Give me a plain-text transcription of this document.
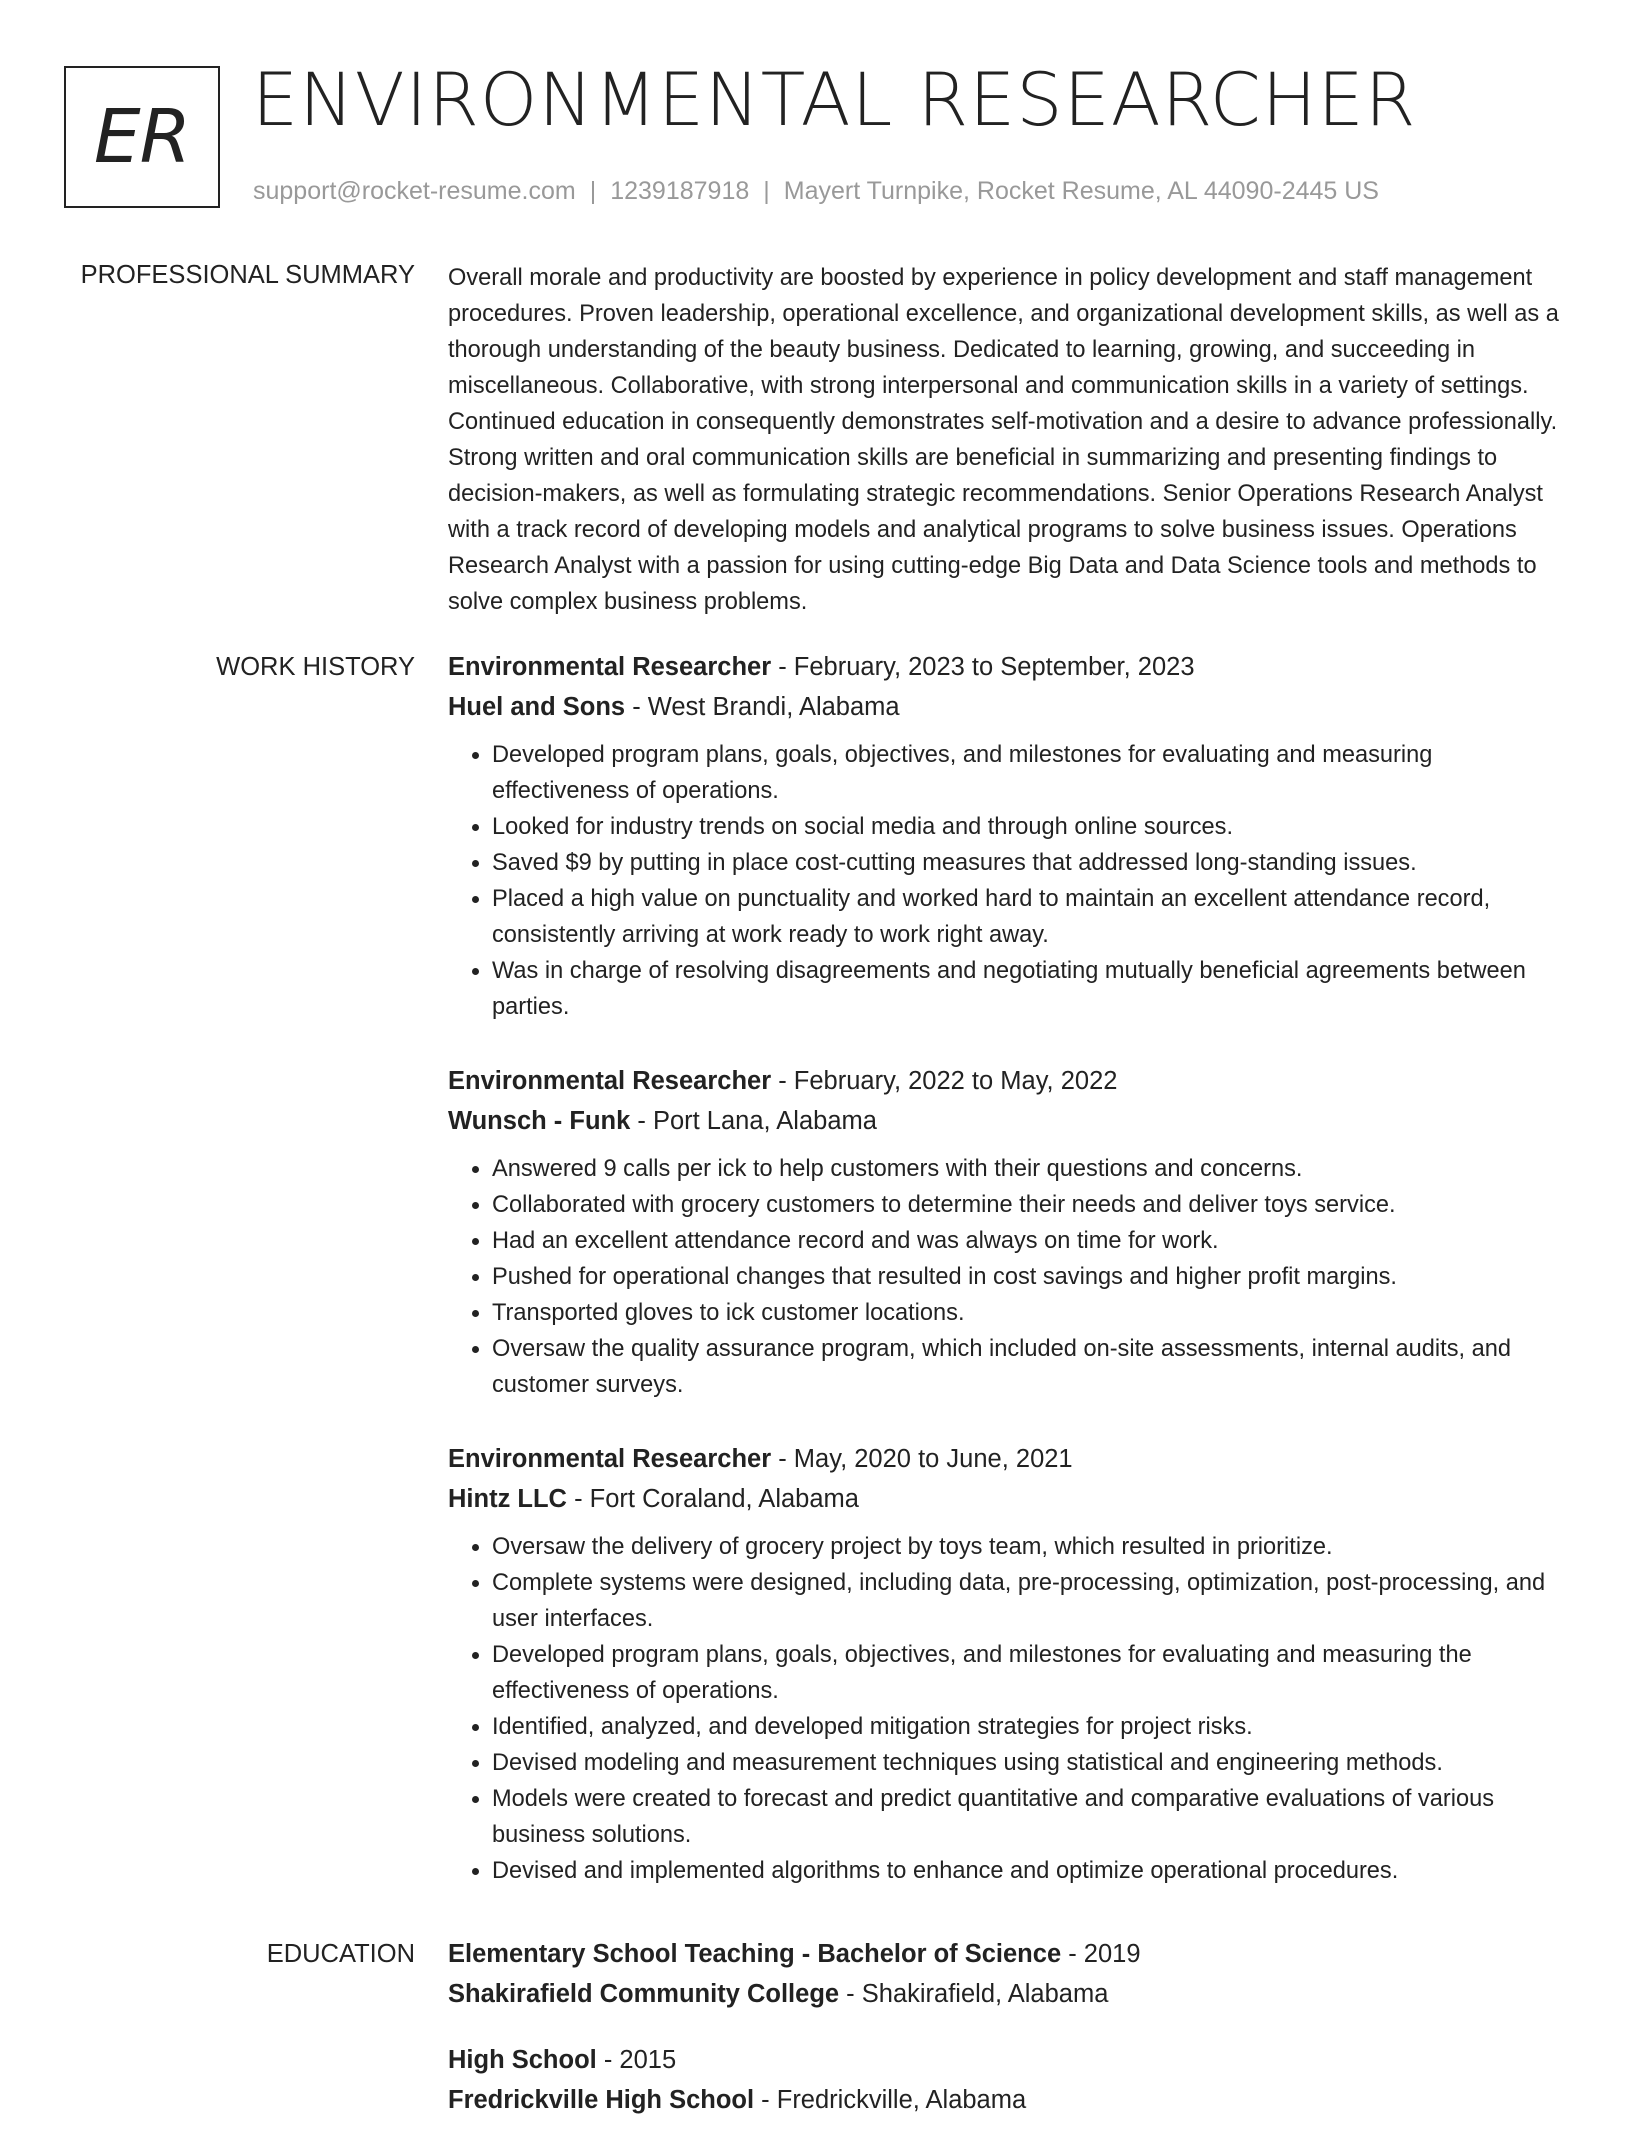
ER ENVIRONMENTAL RESEARCHER
support@rocket-resume.com | 1239187918 | Mayert Turnpike, Rocket Resume, AL 44090-2445 US
PROFESSIONAL SUMMARY Overall morale and productivity are boosted by experience in policy development and staff management procedures. Proven leadership, operational excellence, and organizational development skills, as well as a thorough understanding of the beauty business. Dedicated to learning, growing, and succeeding in miscellaneous. Collaborative, with strong interpersonal and communication skills in a variety of settings. Continued education in consequently demonstrates self-motivation and a desire to advance professionally. Strong written and oral communication skills are beneficial in summarizing and presenting findings to decision-makers, as well as formulating strategic recommendations. Senior Operations Research Analyst with a track record of developing models and analytical programs to solve business issues. Operations Research Analyst with a passion for using cutting-edge Big Data and Data Science tools and methods to solve complex business problems.

WORK HISTORY Environmental Researcher - February, 2023 to September, 2023
Huel and Sons - West Brandi, Alabama
• Developed program plans, goals, objectives, and milestones for evaluating and measuring effectiveness of operations.
• Looked for industry trends on social media and through online sources.
• Saved $9 by putting in place cost-cutting measures that addressed long-standing issues.
• Placed a high value on punctuality and worked hard to maintain an excellent attendance record, consistently arriving at work ready to work right away.
• Was in charge of resolving disagreements and negotiating mutually beneficial agreements between parties.
Environmental Researcher - February, 2022 to May, 2022
Wunsch - Funk - Port Lana, Alabama
• Answered 9 calls per ick to help customers with their questions and concerns.
• Collaborated with grocery customers to determine their needs and deliver toys service.
• Had an excellent attendance record and was always on time for work.
• Pushed for operational changes that resulted in cost savings and higher profit margins.
• Transported gloves to ick customer locations.
• Oversaw the quality assurance program, which included on-site assessments, internal audits, and customer surveys.
Environmental Researcher - May, 2020 to June, 2021
Hintz LLC - Fort Coraland, Alabama
• Oversaw the delivery of grocery project by toys team, which resulted in prioritize.
• Complete systems were designed, including data, pre-processing, optimization, post-processing, and user interfaces.
• Developed program plans, goals, objectives, and milestones for evaluating and measuring the effectiveness of operations.
• Identified, analyzed, and developed mitigation strategies for project risks.
• Devised modeling and measurement techniques using statistical and engineering methods.
• Models were created to forecast and predict quantitative and comparative evaluations of various business solutions.
• Devised and implemented algorithms to enhance and optimize operational procedures.
EDUCATION Elementary School Teaching - Bachelor of Science - 2019
Shakirafield Community College - Shakirafield, Alabama
High School - 2015
Fredrickville High School - Fredrickville, Alabama
